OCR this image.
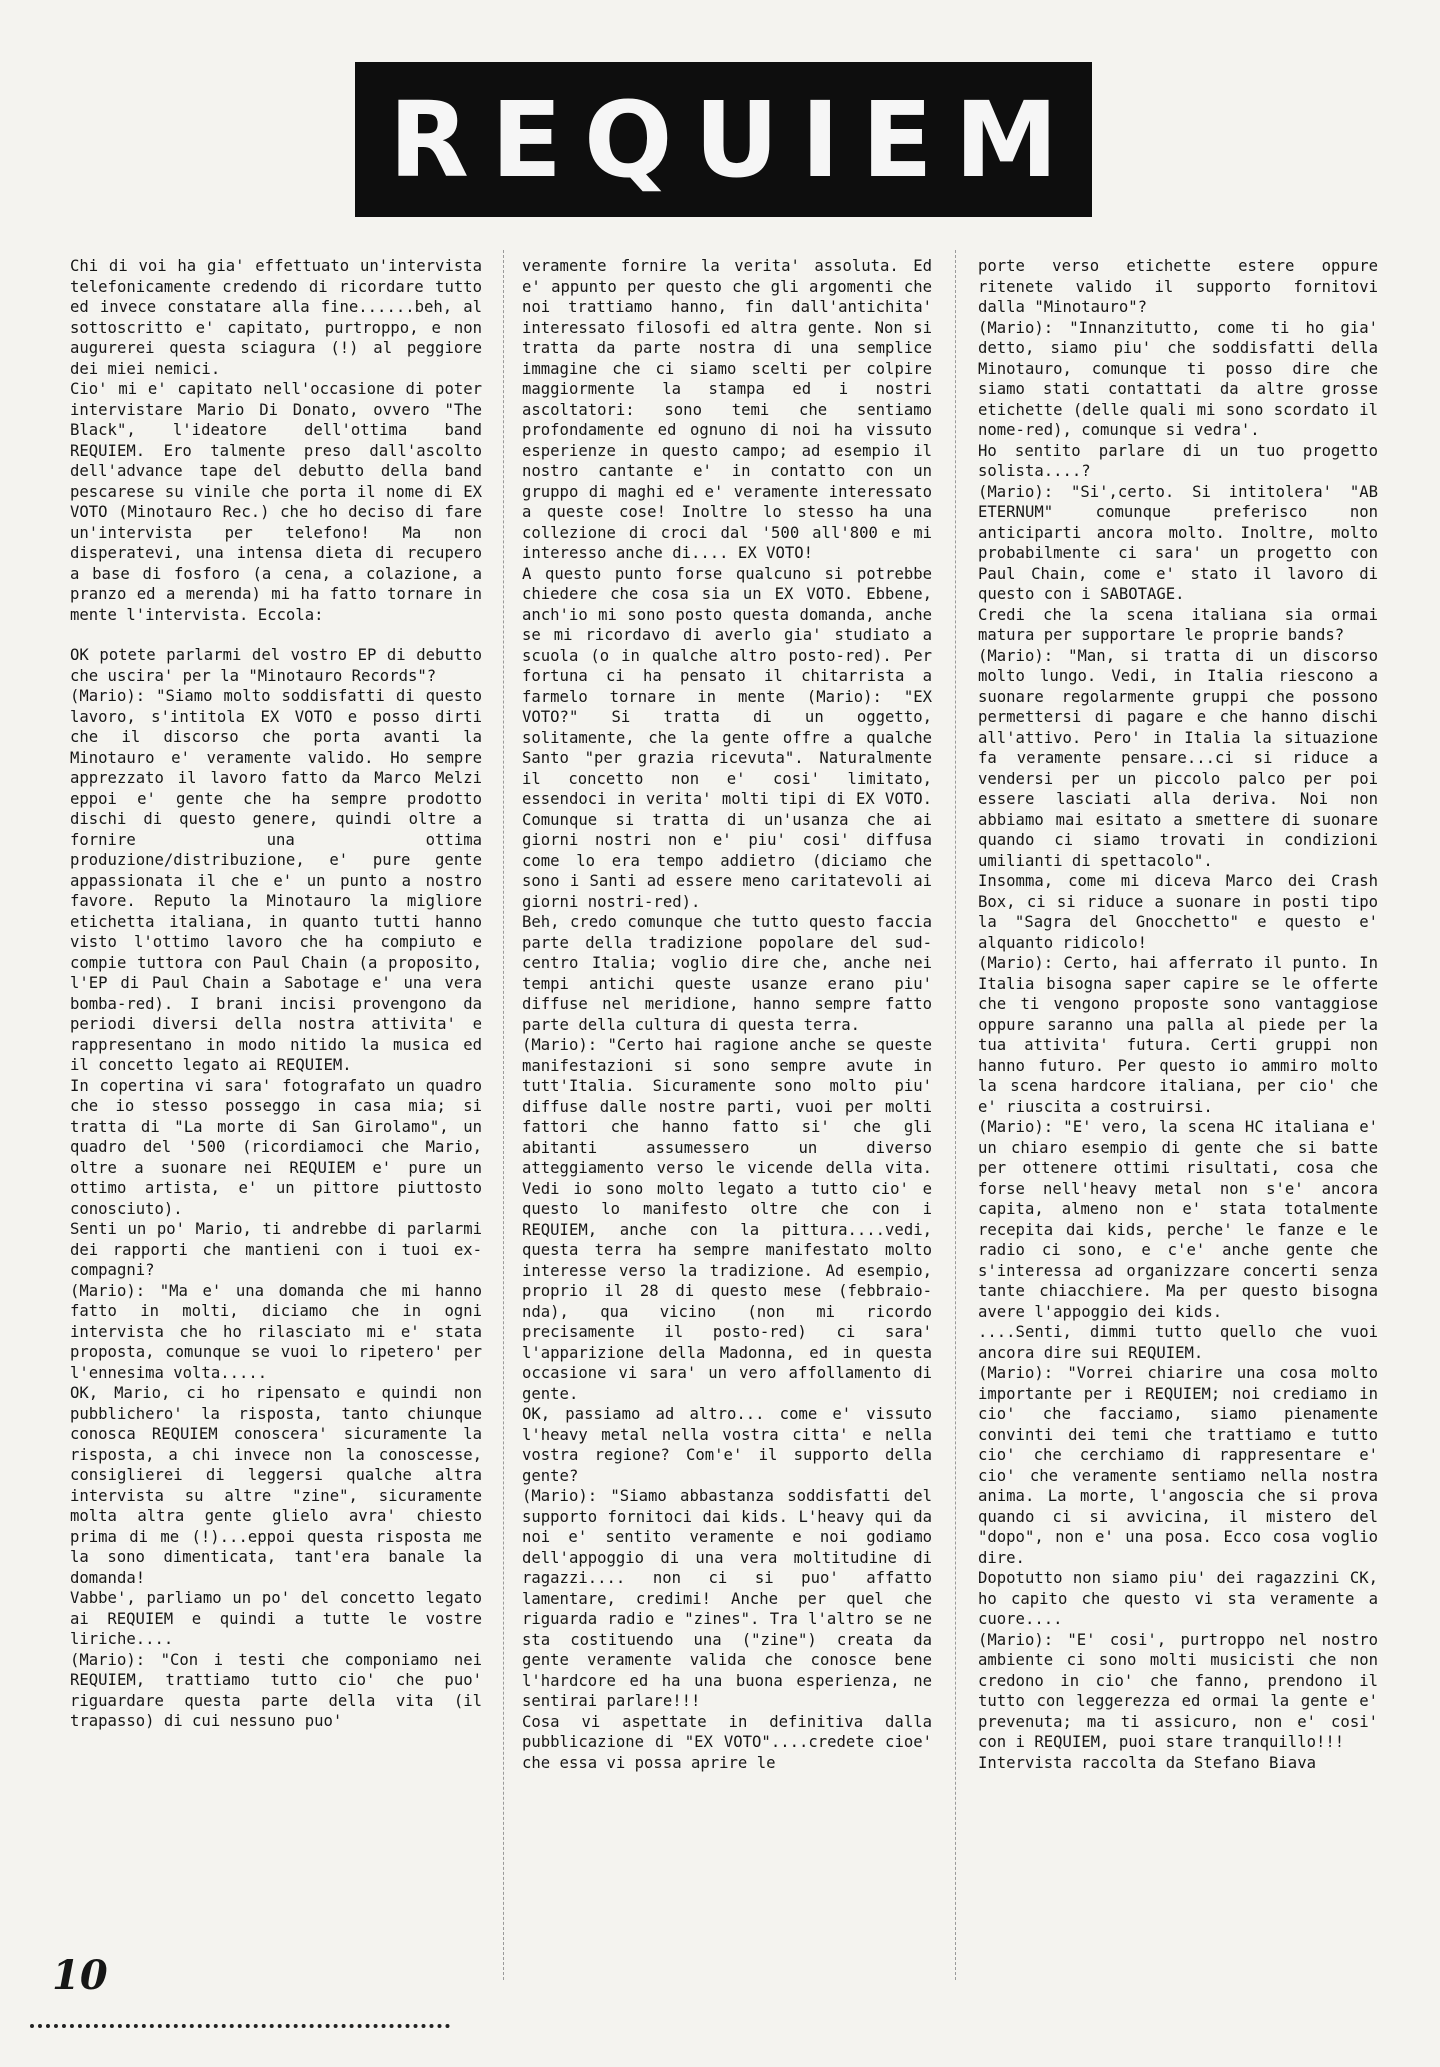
REQUIEM

Chi di voi ha gia' effettuato un'intervista telefonicamente credendo di ricordare tutto ed invece constatare alla fine......beh, al sottoscritto e' capitato, purtroppo, e non augurerei questa sciagura (!) al peggiore dei miei nemici.

Cio' mi e' capitato nell'occasione di poter intervistare Mario Di Donato, ovvero "The Black", l'ideatore dell'ottima band REQUIEM. Ero talmente preso dall'ascolto dell'advance tape del debutto della band pescarese su vinile che porta il nome di EX VOTO (Minotauro Rec.) che ho deciso di fare un'intervista per telefono! Ma non disperatevi, una intensa dieta di recupero a base di fosforo (a cena, a colazione, a pranzo ed a merenda) mi ha fatto tornare in mente l'intervista. Eccola:

OK potete parlarmi del vostro EP di debutto che uscira' per la "Minotauro Records"?

(Mario): "Siamo molto soddisfatti di questo lavoro, s'intitola EX VOTO e posso dirti che il discorso che porta avanti la Minotauro e' veramente valido. Ho sempre apprezzato il lavoro fatto da Marco Melzi eppoi e' gente che ha sempre prodotto dischi di questo genere, quindi oltre a fornire una ottima produzione/distribuzione, e' pure gente appassionata il che e' un punto a nostro favore. Reputo la Minotauro la migliore etichetta italiana, in quanto tutti hanno visto l'ottimo lavoro che ha compiuto e compie tuttora con Paul Chain (a proposito, l'EP di Paul Chain a Sabotage e' una vera bomba-red). I brani incisi provengono da periodi diversi della nostra attivita' e rappresentano in modo nitido la musica ed il concetto legato ai REQUIEM.

In copertina vi sara' fotografato un quadro che io stesso posseggo in casa mia; si tratta di "La morte di San Girolamo", un quadro del '500 (ricordiamoci che Mario, oltre a suonare nei REQUIEM e' pure un ottimo artista, e' un pittore piuttosto conosciuto).

Senti un po' Mario, ti andrebbe di parlarmi dei rapporti che mantieni con i tuoi ex-compagni?

(Mario): "Ma e' una domanda che mi hanno fatto in molti, diciamo che in ogni intervista che ho rilasciato mi e' stata proposta, comunque se vuoi lo ripetero' per l'ennesima volta.....

OK, Mario, ci ho ripensato e quindi non pubblichero' la risposta, tanto chiunque conosca REQUIEM conoscera' sicuramente la risposta, a chi invece non la conoscesse, consiglierei di leggersi qualche altra intervista su altre "zine", sicuramente molta altra gente glielo avra' chiesto prima di me (!)...eppoi questa risposta me la sono dimenticata, tant'era banale la domanda!

Vabbe', parliamo un po' del concetto legato ai REQUIEM e quindi a tutte le vostre liriche....

(Mario): "Con i testi che componiamo nei REQUIEM, trattiamo tutto cio' che puo' riguardare questa parte della vita (il trapasso) di cui nessuno puo'

veramente fornire la verita' assoluta. Ed e' appunto per questo che gli argomenti che noi trattiamo hanno, fin dall'antichita' interessato filosofi ed altra gente. Non si tratta da parte nostra di una semplice immagine che ci siamo scelti per colpire maggiormente la stampa ed i nostri ascoltatori: sono temi che sentiamo profondamente ed ognuno di noi ha vissuto esperienze in questo campo; ad esempio il nostro cantante e' in contatto con un gruppo di maghi ed e' veramente interessato a queste cose! Inoltre lo stesso ha una collezione di croci dal '500 all'800 e mi interesso anche di.... EX VOTO!

A questo punto forse qualcuno si potrebbe chiedere che cosa sia un EX VOTO. Ebbene, anch'io mi sono posto questa domanda, anche se mi ricordavo di averlo gia' studiato a scuola (o in qualche altro posto-red). Per fortuna ci ha pensato il chitarrista a farmelo tornare in mente (Mario): "EX VOTO?" Si tratta di un oggetto, solitamente, che la gente offre a qualche Santo "per grazia ricevuta". Naturalmente il concetto non e' cosi' limitato, essendoci in verita' molti tipi di EX VOTO. Comunque si tratta di un'usanza che ai giorni nostri non e' piu' cosi' diffusa come lo era tempo addietro (diciamo che sono i Santi ad essere meno caritatevoli ai giorni nostri-red).

Beh, credo comunque che tutto questo faccia parte della tradizione popolare del sud-centro Italia; voglio dire che, anche nei tempi antichi queste usanze erano piu' diffuse nel meridione, hanno sempre fatto parte della cultura di questa terra.

(Mario): "Certo hai ragione anche se queste manifestazioni si sono sempre avute in tutt'Italia. Sicuramente sono molto piu' diffuse dalle nostre parti, vuoi per molti fattori che hanno fatto si' che gli abitanti assumessero un diverso atteggiamento verso le vicende della vita. Vedi io sono molto legato a tutto cio' e questo lo manifesto oltre che con i REQUIEM, anche con la pittura....vedi, questa terra ha sempre manifestato molto interesse verso la tradizione. Ad esempio, proprio il 28 di questo mese (febbraio-nda), qua vicino (non mi ricordo precisamente il posto-red) ci sara' l'apparizione della Madonna, ed in questa occasione vi sara' un vero affollamento di gente.

OK, passiamo ad altro... come e' vissuto l'heavy metal nella vostra citta' e nella vostra regione? Com'e' il supporto della gente?

(Mario): "Siamo abbastanza soddisfatti del supporto fornitoci dai kids. L'heavy qui da noi e' sentito veramente e noi godiamo dell'appoggio di una vera moltitudine di ragazzi.... non ci si puo' affatto lamentare, credimi! Anche per quel che riguarda radio e "zines". Tra l'altro se ne sta costituendo una ("zine") creata da gente veramente valida che conosce bene l'hardcore ed ha una buona esperienza, ne sentirai parlare!!!

Cosa vi aspettate in definitiva dalla pubblicazione di "EX VOTO"....credete cioe' che essa vi possa aprire le

porte verso etichette estere oppure ritenete valido il supporto fornitovi dalla "Minotauro"?

(Mario): "Innanzitutto, come ti ho gia' detto, siamo piu' che soddisfatti della Minotauro, comunque ti posso dire che siamo stati contattati da altre grosse etichette (delle quali mi sono scordato il nome-red), comunque si vedra'.

Ho sentito parlare di un tuo progetto solista....?

(Mario): "Si',certo. Si intitolera' "AB ETERNUM" comunque preferisco non anticiparti ancora molto. Inoltre, molto probabilmente ci sara' un progetto con Paul Chain, come e' stato il lavoro di questo con i SABOTAGE.

Credi che la scena italiana sia ormai matura per supportare le proprie bands?

(Mario): "Man, si tratta di un discorso molto lungo. Vedi, in Italia riescono a suonare regolarmente gruppi che possono permettersi di pagare e che hanno dischi all'attivo. Pero' in Italia la situazione fa veramente pensare...ci si riduce a vendersi per un piccolo palco per poi essere lasciati alla deriva. Noi non abbiamo mai esitato a smettere di suonare quando ci siamo trovati in condizioni umilianti di spettacolo".

Insomma, come mi diceva Marco dei Crash Box, ci si riduce a suonare in posti tipo la "Sagra del Gnocchetto" e questo e' alquanto ridicolo!

(Mario): Certo, hai afferrato il punto. In Italia bisogna saper capire se le offerte che ti vengono proposte sono vantaggiose oppure saranno una palla al piede per la tua attivita' futura. Certi gruppi non hanno futuro. Per questo io ammiro molto la scena hardcore italiana, per cio' che e' riuscita a costruirsi.

(Mario): "E' vero, la scena HC italiana e' un chiaro esempio di gente che si batte per ottenere ottimi risultati, cosa che forse nell'heavy metal non s'e' ancora capita, almeno non e' stata totalmente recepita dai kids, perche' le fanze e le radio ci sono, e c'e' anche gente che s'interessa ad organizzare concerti senza tante chiacchiere. Ma per questo bisogna avere l'appoggio dei kids.

....Senti, dimmi tutto quello che vuoi ancora dire sui REQUIEM.

(Mario): "Vorrei chiarire una cosa molto importante per i REQUIEM; noi crediamo in cio' che facciamo, siamo pienamente convinti dei temi che trattiamo e tutto cio' che cerchiamo di rappresentare e' cio' che veramente sentiamo nella nostra anima. La morte, l'angoscia che si prova quando ci si avvicina, il mistero del "dopo", non e' una posa. Ecco cosa voglio dire.

Dopotutto non siamo piu' dei ragazzini CK, ho capito che questo vi sta veramente a cuore....

(Mario): "E' cosi', purtroppo nel nostro ambiente ci sono molti musicisti che non credono in cio' che fanno, prendono il tutto con leggerezza ed ormai la gente e' prevenuta; ma ti assicuro, non e' cosi' con i REQUIEM, puoi stare tranquillo!!!

Intervista raccolta da Stefano Biava

10
